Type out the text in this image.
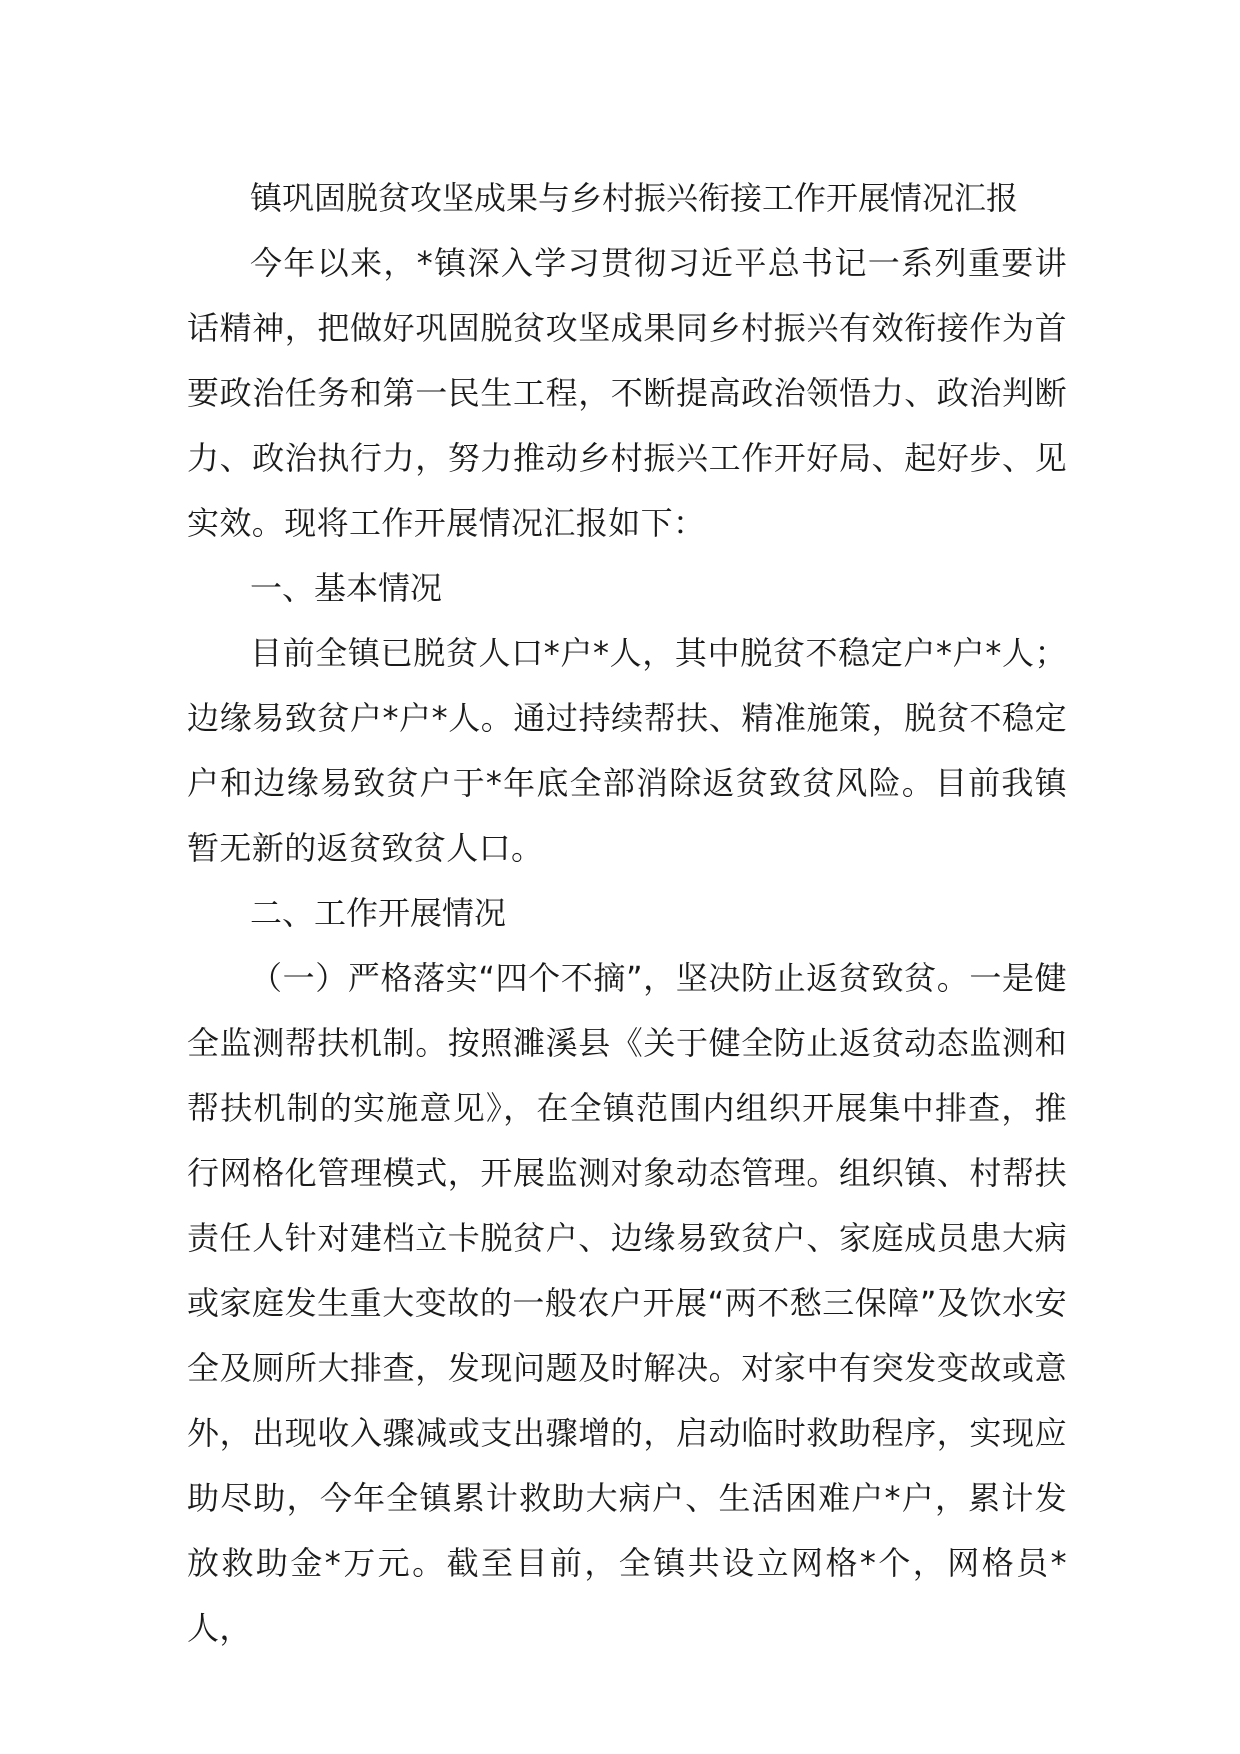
镇巩固脱贫攻坚成果与乡村振兴衔接工作开展情况汇报

今年以来，*镇深入学习贯彻习近平总书记一系列重要讲话精神，把做好巩固脱贫攻坚成果同乡村振兴有效衔接作为首要政治任务和第一民生工程，不断提高政治领悟力、政治判断力、政治执行力，努力推动乡村振兴工作开好局、起好步、见实效。现将工作开展情况汇报如下：

一、基本情况

目前全镇已脱贫人口*户*人，其中脱贫不稳定户*户*人；边缘易致贫户*户*人。通过持续帮扶、精准施策，脱贫不稳定户和边缘易致贫户于*年底全部消除返贫致贫风险。目前我镇暂无新的返贫致贫人口。

二、工作开展情况

（一）严格落实“四个不摘”，坚决防止返贫致贫。一是健全监测帮扶机制。按照濉溪县《关于健全防止返贫动态监测和帮扶机制的实施意见》，在全镇范围内组织开展集中排查，推行网格化管理模式，开展监测对象动态管理。组织镇、村帮扶责任人针对建档立卡脱贫户、边缘易致贫户、家庭成员患大病或家庭发生重大变故的一般农户开展“两不愁三保障”及饮水安全及厕所大排查，发现问题及时解决。对家中有突发变故或意外，出现收入骤减或支出骤增的，启动临时救助程序，实现应助尽助，今年全镇累计救助大病户、生活困难户*户，累计发放救助金*万元。截至目前，全镇共设立网格*个，网格员*人，
